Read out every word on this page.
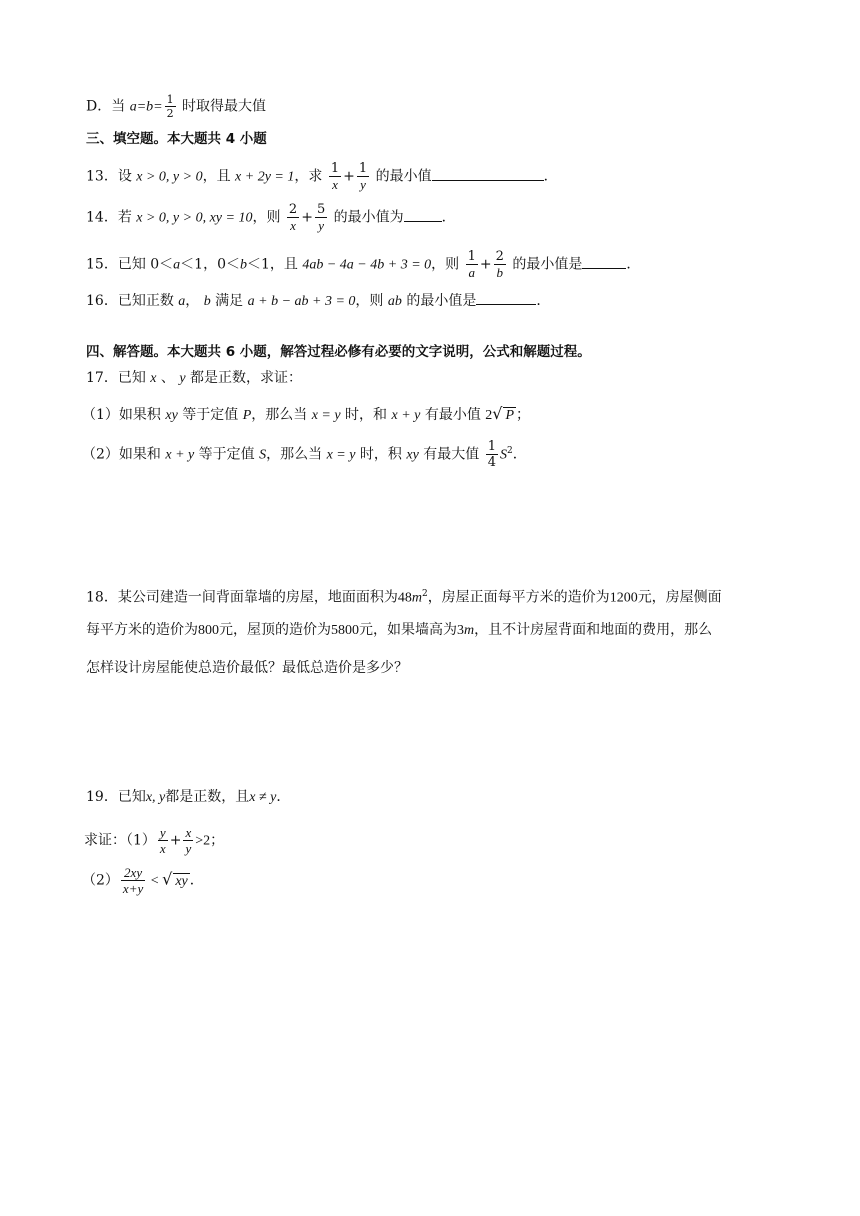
D．当 $a=b= \frac{1}{2}$ 时取得最大值
三、填空题。本大题共 4 小题
13．设 x > 0, y > 0，且 x + 2y = 1，求 $\frac{1}{x} + \frac{1}{y}$ 的最小值	．
14．若 x > 0, y > 0, xy = 10，则 $\frac{2}{x} + \frac{5}{y}$ 的最小值为	．
15．已知 0＜a＜1，0＜b＜1，且 4ab − 4a − 4b + 3 = 0，则 $\frac{1}{a} + \frac{2}{b}$ 的最小值是	．
16．已知正数 a， b 满足 a + b − ab + 3 = 0，则 ab 的最小值是	．
四、解答题。本大题共 6 小题，解答过程必修有必要的文字说明，公式和解题过程。
17．已知 x 、 y 都是正数，求证：
（1）如果积 xy 等于定值 P，那么当 x = y 时，和 x + y 有最小值 2√ P ；
（2）如果和 x + y 等于定值 S，那么当 x = y 时，积 xy 有最大值 $\frac{1}{4} S^2$．
18．某公司建造一间背面靠墙的房屋，地面面积为$48m^2$，房屋正面每平方米的造价为1200元，房屋侧面
每平方米的造价为800元，屋顶的造价为5800元，如果墙高为3m，且不计房屋背面和地面的费用，那么
怎样设计房屋能使总造价最低？最低总造价是多少？
19．已知x, y都是正数，且x ≠ y．
求证：$(1) \frac{y}{x} + \frac{x}{y} >2$；
$(2) \frac{2xy}{x+y}$ < √ xy ．
